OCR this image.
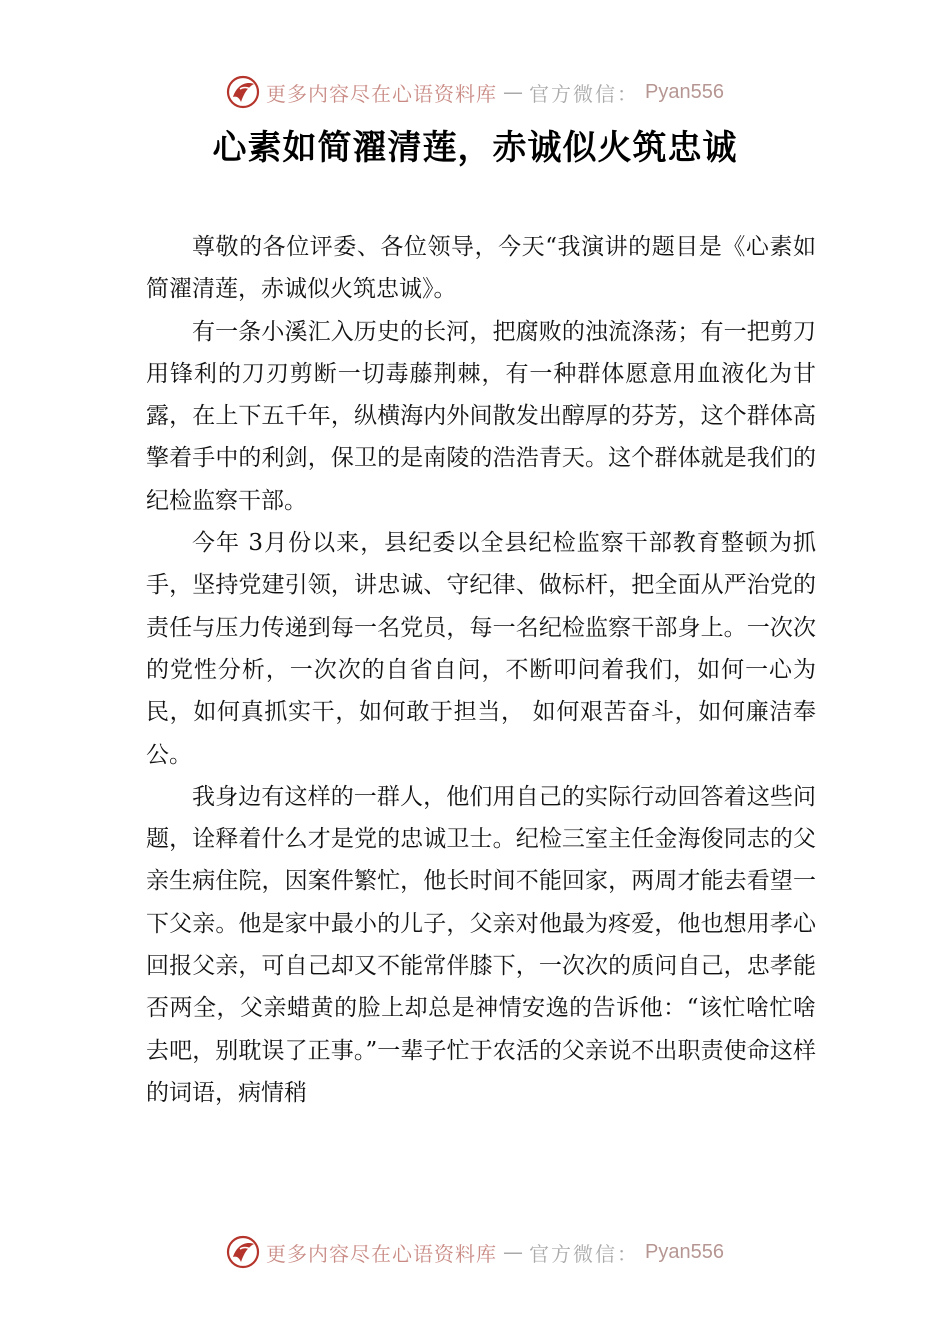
更多内容尽在心语资料库 — 官方微信： Pyan556
心素如简濯清莲，赤诚似火筑忠诚

尊敬的各位评委、各位领导，今天“我演讲的题目是《心素如简濯清莲，赤诚似火筑忠诚》。

有一条小溪汇入历史的长河，把腐败的浊流涤荡；有一把剪刀用锋利的刀刃剪断一切毒藤荆棘，有一种群体愿意用血液化为甘露，在上下五千年，纵横海内外间散发出醇厚的芬芳，这个群体高擎着手中的利剑，保卫的是南陵的浩浩青天。这个群体就是我们的纪检监察干部。

今年 3月份以来，县纪委以全县纪检监察干部教育整顿为抓手，坚持党建引领，讲忠诚、守纪律、做标杆，把全面从严治党的责任与压力传递到每一名党员，每一名纪检监察干部身上。一次次的党性分析，一次次的自省自问，不断叩问着我们，如何一心为民，如何真抓实干，如何敢于担当， 如何艰苦奋斗，如何廉洁奉公。

我身边有这样的一群人，他们用自己的实际行动回答着这些问题，诠释着什么才是党的忠诚卫士。纪检三室主任金海俊同志的父亲生病住院，因案件繁忙，他长时间不能回家，两周才能去看望一下父亲。他是家中最小的儿子，父亲对他最为疼爱，他也想用孝心回报父亲，可自己却又不能常伴膝下，一次次的质问自己，忠孝能否两全，父亲蜡黄的脸上却总是神情安逸的告诉他：“该忙啥忙啥去吧，别耽误了正事。”一辈子忙于农活的父亲说不出职责使命这样的词语，病情稍

更多内容尽在心语资料库 — 官方微信： Pyan556
